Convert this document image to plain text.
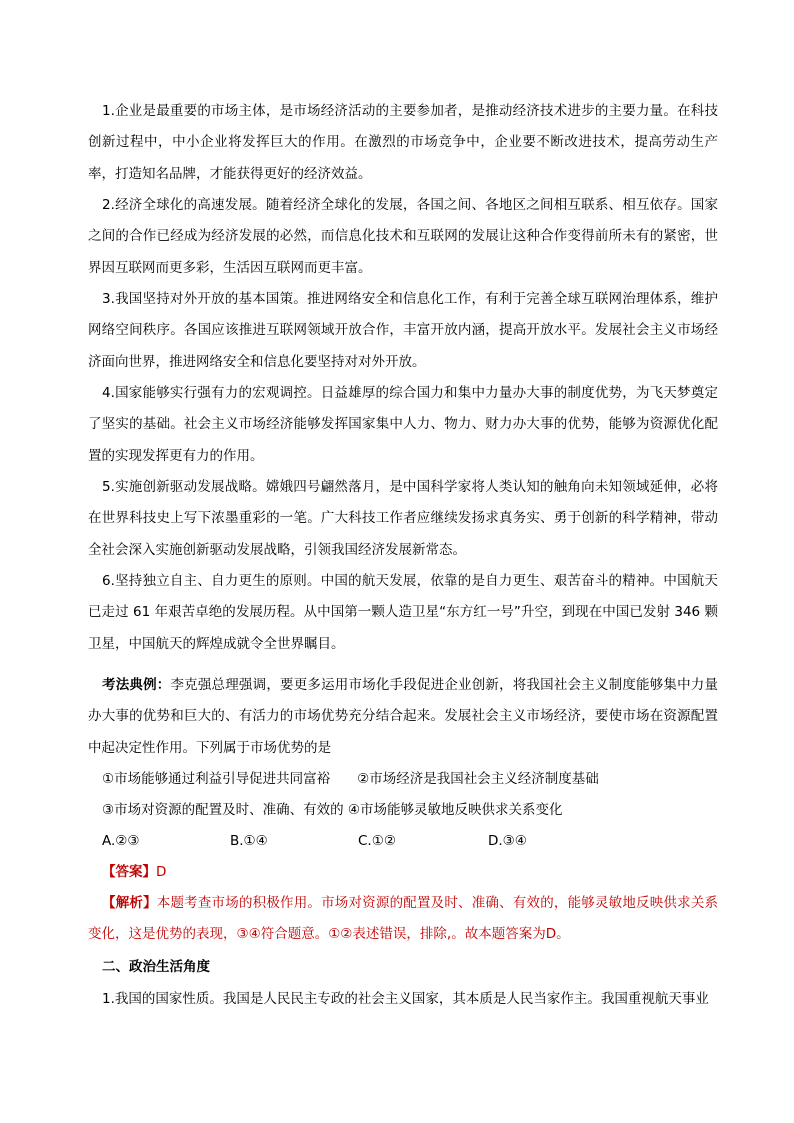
1.企业是最重要的市场主体，是市场经济活动的主要参加者，是推动经济技术进步的主要力量。在科技创新过程中，中小企业将发挥巨大的作用。在激烈的市场竞争中，企业要不断改进技术，提高劳动生产率，打造知名品牌，才能获得更好的经济效益。

2.经济全球化的高速发展。随着经济全球化的发展，各国之间、各地区之间相互联系、相互依存。国家之间的合作已经成为经济发展的必然，而信息化技术和互联网的发展让这种合作变得前所未有的紧密，世界因互联网而更多彩，生活因互联网而更丰富。

3.我国坚持对外开放的基本国策。推进网络安全和信息化工作，有利于完善全球互联网治理体系，维护网络空间秩序。各国应该推进互联网领域开放合作，丰富开放内涵，提高开放水平。发展社会主义市场经济面向世界，推进网络安全和信息化要坚持对对外开放。

4.国家能够实行强有力的宏观调控。日益雄厚的综合国力和集中力量办大事的制度优势，为飞天梦奠定了坚实的基础。社会主义市场经济能够发挥国家集中人力、物力、财力办大事的优势，能够为资源优化配置的实现发挥更有力的作用。

5.实施创新驱动发展战略。嫦娥四号翩然落月，是中国科学家将人类认知的触角向未知领域延伸，必将在世界科技史上写下浓墨重彩的一笔。广大科技工作者应继续发扬求真务实、勇于创新的科学精神，带动全社会深入实施创新驱动发展战略，引领我国经济发展新常态。

6.坚持独立自主、自力更生的原则。中国的航天发展，依靠的是自力更生、艰苦奋斗的精神。中国航天已走过 61 年艰苦卓绝的发展历程。从中国第一颗人造卫星“东方红一号”升空，到现在中国已发射 346 颗卫星，中国航天的辉煌成就令全世界瞩目。

考法典例：李克强总理强调，要更多运用市场化手段促进企业创新，将我国社会主义制度能够集中力量办大事的优势和巨大的、有活力的市场优势充分结合起来。发展社会主义市场经济，要使市场在资源配置中起决定性作用。下列属于市场优势的是

①市场能够通过利益引导促进共同富裕　　②市场经济是我国社会主义经济制度基础
③市场对资源的配置及时、准确、有效的 ④市场能够灵敏地反映供求关系变化
A.②③	B.①④	C.①②	D.③④
【答案】D

【解析】本题考查市场的积极作用。市场对资源的配置及时、准确、有效的，能够灵敏地反映供求关系变化，这是优势的表现，③④符合题意。①②表述错误，排除,。故本题答案为D。

二、政治生活角度

1.我国的国家性质。我国是人民民主专政的社会主义国家，其本质是人民当家作主。我国重视航天事业
